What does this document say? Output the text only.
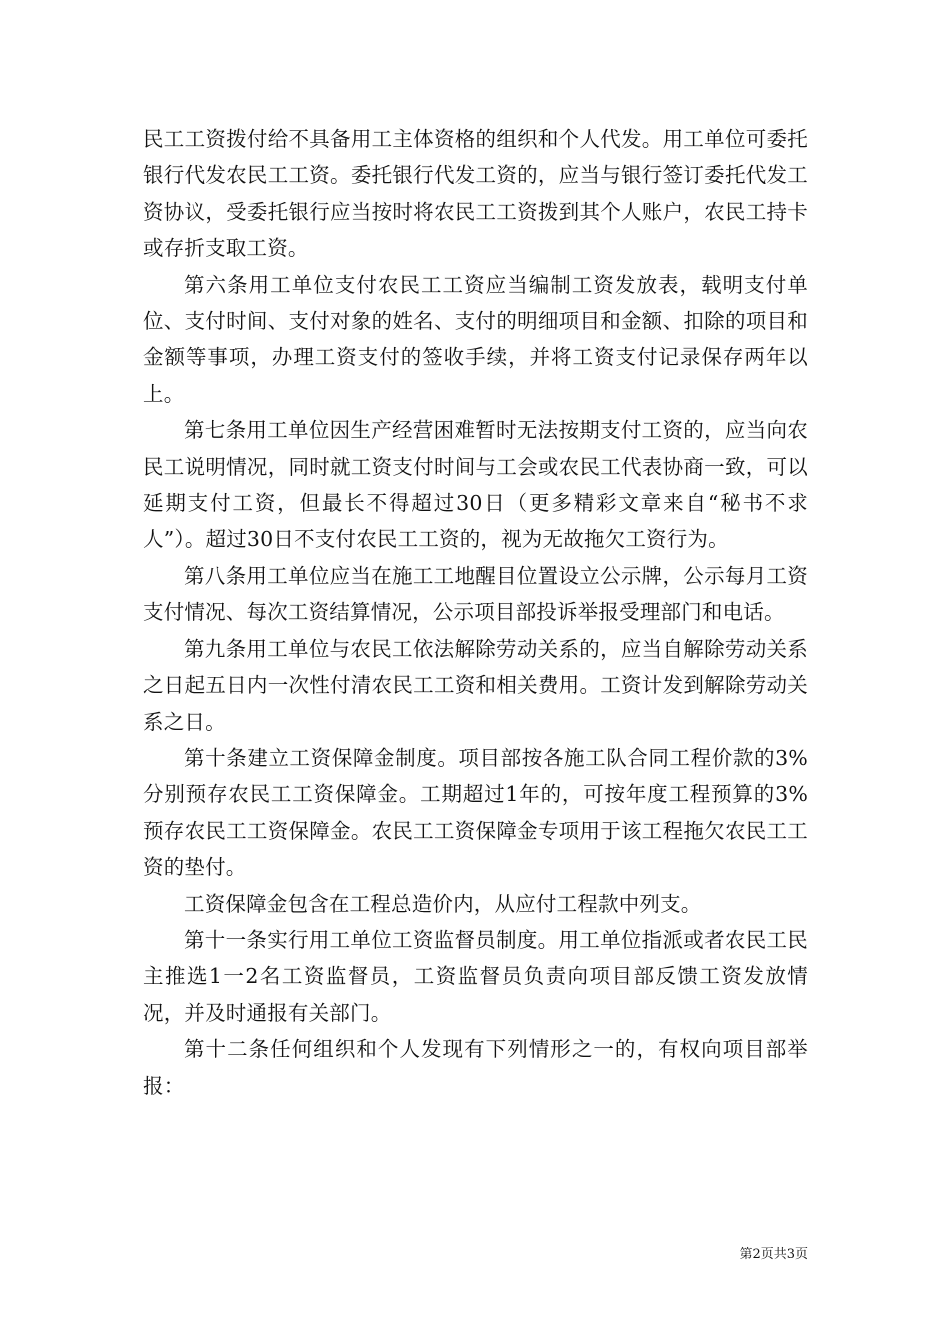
民工工资拨付给不具备用工主体资格的组织和个人代发。用工单位可委托银行代发农民工工资。委托银行代发工资的，应当与银行签订委托代发工资协议，受委托银行应当按时将农民工工资拨到其个人账户，农民工持卡或存折支取工资。

第六条用工单位支付农民工工资应当编制工资发放表，载明支付单位、支付时间、支付对象的姓名、支付的明细项目和金额、扣除的项目和金额等事项，办理工资支付的签收手续，并将工资支付记录保存两年以上。

第七条用工单位因生产经营困难暂时无法按期支付工资的，应当向农民工说明情况，同时就工资支付时间与工会或农民工代表协商一致，可以延期支付工资，但最长不得超过30日（更多精彩文章来自“秘书不求人”）。超过30日不支付农民工工资的，视为无故拖欠工资行为。

第八条用工单位应当在施工工地醒目位置设立公示牌，公示每月工资支付情况、每次工资结算情况，公示项目部投诉举报受理部门和电话。

第九条用工单位与农民工依法解除劳动关系的，应当自解除劳动关系之日起五日内一次性付清农民工工资和相关费用。工资计发到解除劳动关系之日。

第十条建立工资保障金制度。项目部按各施工队合同工程价款的3%分别预存农民工工资保障金。工期超过1年的，可按年度工程预算的3%预存农民工工资保障金。农民工工资保障金专项用于该工程拖欠农民工工资的垫付。

工资保障金包含在工程总造价内，从应付工程款中列支。

第十一条实行用工单位工资监督员制度。用工单位指派或者农民工民主推选1一2名工资监督员，工资监督员负责向项目部反馈工资发放情况，并及时通报有关部门。

第十二条任何组织和个人发现有下列情形之一的，有权向项目部举报：

第2页共3页
